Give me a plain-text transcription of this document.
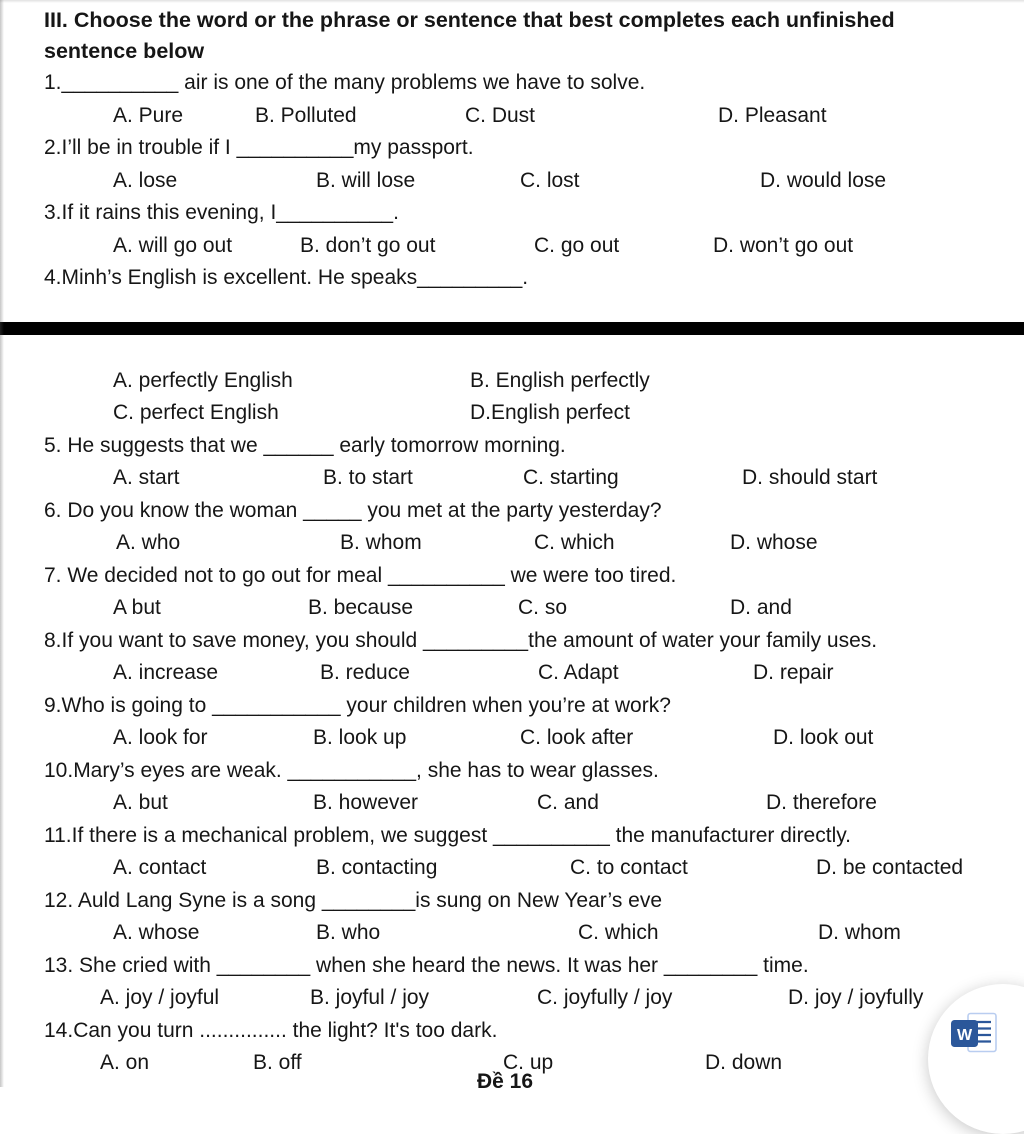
III. Choose the word or the phrase or sentence that best completes each unfinished
sentence below
1.__________ air is one of the many problems we have to solve.
A. Pure	B. Polluted	C. Dust	D. Pleasant
2.I’ll be in trouble if I __________my passport.
A. lose	B. will lose	C. lost	D. would lose
3.If it rains this evening, I__________.
A. will go out	B. don’t go out	C. go out	D. won’t go out
4.Minh’s English is excellent. He speaks_________.
A. perfectly English	B. English perfectly
C. perfect English	D.English perfect
5. He suggests that we ______ early tomorrow morning.
A. start	B. to start	C. starting	D. should start
6. Do you know the woman _____ you met at the party yesterday?
A. who	B. whom	C. which	D. whose
7. We decided not to go out for meal __________ we were too tired.
A but	B. because	C. so	D. and
8.If you want to save money, you should _________the amount of water your family uses.
A. increase	B. reduce	C. Adapt	D. repair
9.Who is going to ___________ your children when you’re at work?
A. look for	B. look up	C. look after	D. look out
10.Mary’s eyes are weak. ___________, she has to wear glasses.
A. but	B. however	C. and	D. therefore
11.If there is a mechanical problem, we suggest __________ the manufacturer directly.
A. contact	B. contacting	C. to contact	D. be contacted
12. Auld Lang Syne is a song ________is sung on New Year’s eve
A. whose	B. who	C. which	D. whom
13. She cried with ________ when she heard the news. It was her ________ time.
A. joy / joyful	B. joyful / joy	C. joyfully / joy	D. joy / joyfully
14.Can you turn ............... the light? It's too dark.
A. on	B. off	C. up	D. down
Đề 16
W
